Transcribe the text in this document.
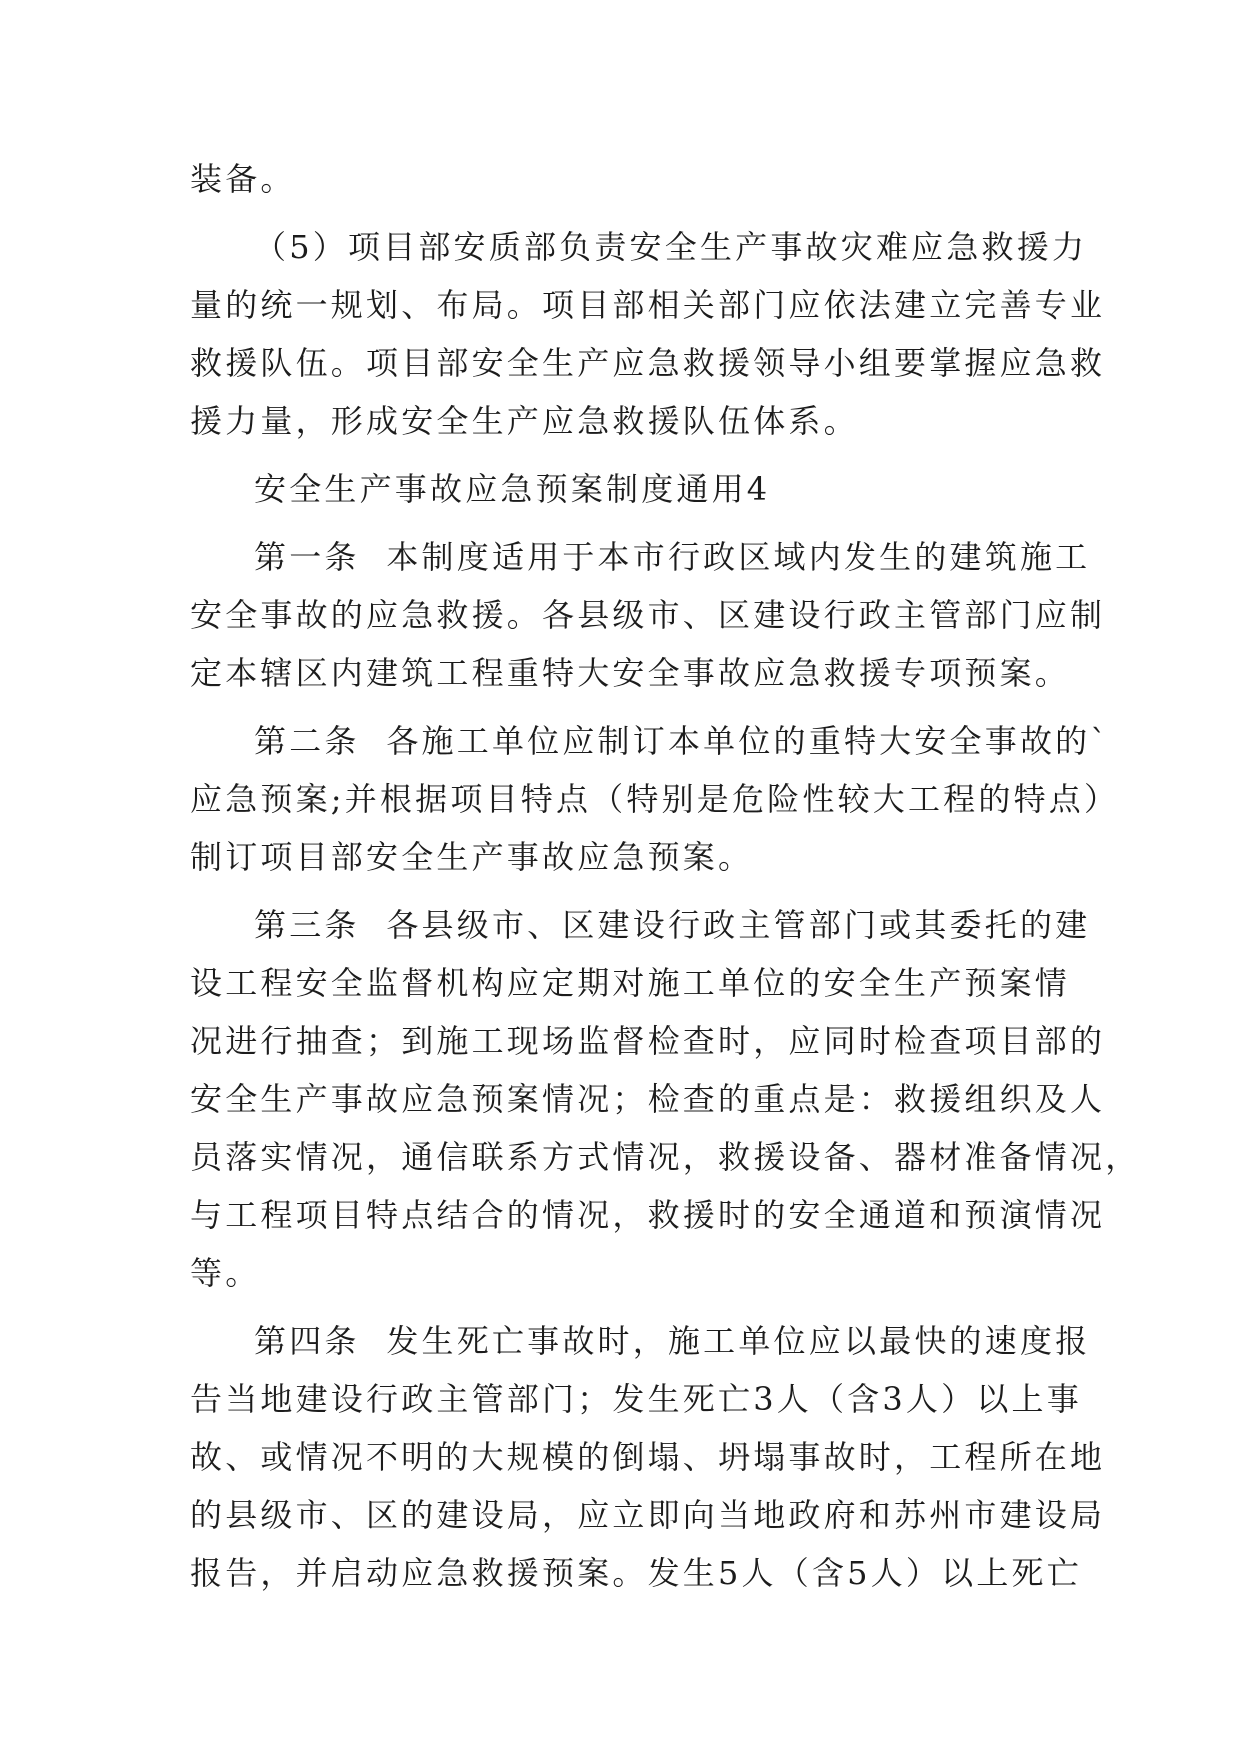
装备。

（5）项目部安质部负责安全生产事故灾难应急救援力
量的统一规划、布局。项目部相关部门应依法建立完善专业
救援队伍。项目部安全生产应急救援领导小组要掌握应急救
援力量，形成安全生产应急救援队伍体系。

安全生产事故应急预案制度通用4

第一条  本制度适用于本市行政区域内发生的建筑施工
安全事故的应急救援。各县级市、区建设行政主管部门应制
定本辖区内建筑工程重特大安全事故应急救援专项预案。

第二条  各施工单位应制订本单位的重特大安全事故的`
应急预案;并根据项目特点（特别是危险性较大工程的特点）
制订项目部安全生产事故应急预案。

第三条  各县级市、区建设行政主管部门或其委托的建
设工程安全监督机构应定期对施工单位的安全生产预案情
况进行抽查；到施工现场监督检查时，应同时检查项目部的
安全生产事故应急预案情况；检查的重点是：救援组织及人
员落实情况，通信联系方式情况，救援设备、器材准备情况，
与工程项目特点结合的情况，救援时的安全通道和预演情况
等。

第四条  发生死亡事故时，施工单位应以最快的速度报
告当地建设行政主管部门；发生死亡3人（含3人）以上事
故、或情况不明的大规模的倒塌、坍塌事故时，工程所在地
的县级市、区的建设局，应立即向当地政府和苏州市建设局
报告，并启动应急救援预案。发生5人（含5人）以上死亡
